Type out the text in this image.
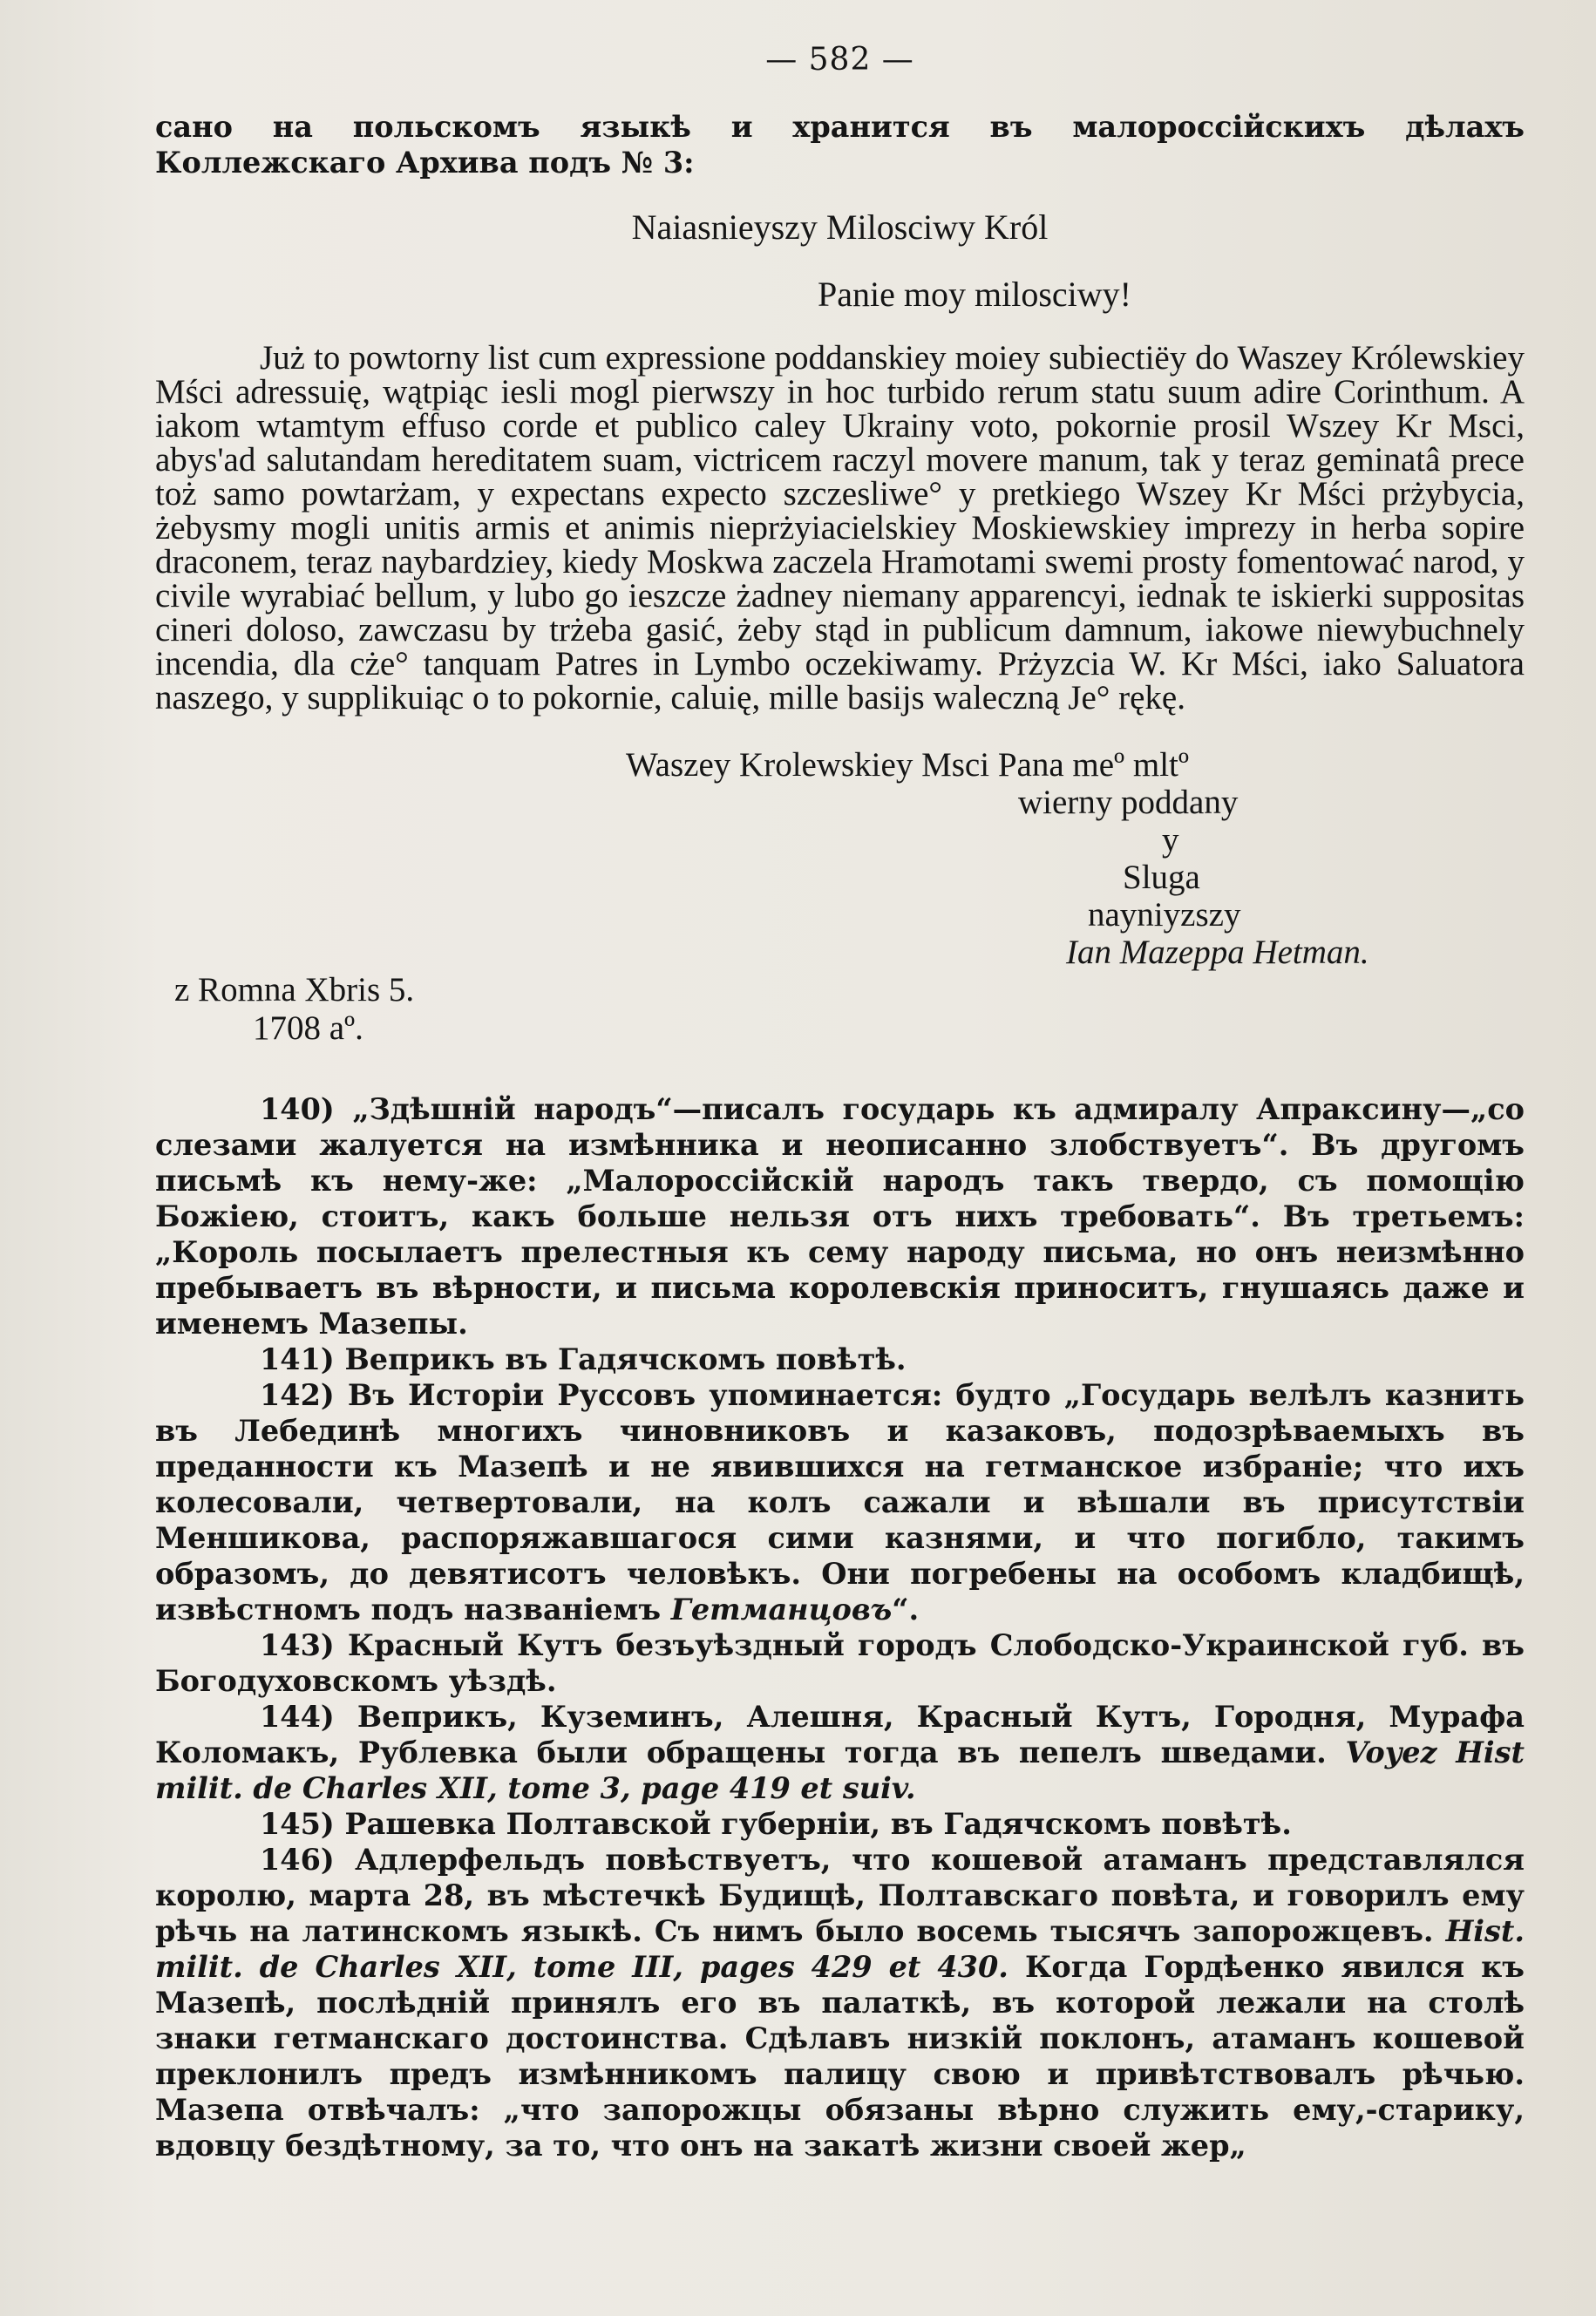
— 582 —

сано на польскомъ языкѣ и хранится въ малороссійскихъ дѣлахъ Коллежскаго Архива подъ № 3:

Naiasnieyszy Milosciwy Król
Panie moy milosciwy!

Już to powtorny list cum expressione poddanskiey moiey subiectiёy do Waszey Królewskiey Mści adressuię, wątpiąc iesli mogl pierwszy in hoc turbido rerum statu suum adire Corinthum. A iakom wtamtym effuso corde et publico caley Ukrainy voto, pokornie prosil Wszey Kr Msci, abys'ad salutandam hereditatem suam, victricem raczyl movere manum, tak y teraz geminatâ prece toż samo powtarżam, y expectans expecto szczesliwe° y pretkiego Wszey Kr Mści prżybycia, żebysmy mogli unitis armis et animis nieprżyiacielskiey Moskiewskiey imprezy in herba sopire draconem, teraz naybardziey, kiedy Moskwa zaczela Hramotami swemi prosty fomentować narod, y civile wyrabiać bellum, y lubo go ieszcze żadney niemany apparencyi, iednak te iskierki suppositas cineri doloso, zawczasu by trżeba gasić, żeby stąd in publicum damnum, iakowe niewybuchnely incendia, dla cże° tanquam Patres in Lymbo oczekiwamy. Prżyzcia W. Kr Mści, iako Saluatora naszego, y supplikuiąc o to pokornie, caluię, mille basijs waleczną Je° rękę.

Waszey Krolewskiey Msci Pana meº mltº
wierny poddany
y
Sluga
nayniyzszy
Ian Mazeppa Hetman.
z Romna Xbris 5.
1708 aº.

140) „Здѣшній народъ“—писалъ государь къ адмиралу Апраксину—„со слезами жалуется на измѣнника и неописанно злобствуетъ“. Въ другомъ письмѣ къ нему-же: „Малороссійскій народъ такъ твердо, съ помощію Божіею, стоитъ, какъ больше нельзя отъ нихъ требовать“. Въ третьемъ: „Король посылаетъ прелестныя къ сему народу письма, но онъ неизмѣнно пребываетъ въ вѣрности, и письма королевскія приноситъ, гнушаясь даже и именемъ Мазепы.

141) Веприкъ въ Гадячскомъ повѣтѣ.

142) Въ Исторіи Руссовъ упоминается: будто „Государь велѣлъ казнить въ Лебединѣ многихъ чиновниковъ и казаковъ, подозрѣваемыхъ въ преданности къ Мазепѣ и не явившихся на гетманское избраніе; что ихъ колесовали, четвертовали, на колъ сажали и вѣшали въ присутствіи Меншикова, распоряжавшагося сими казнями, и что погибло, такимъ образомъ, до девятисотъ человѣкъ. Они погребены на особомъ кладбищѣ, извѣстномъ подъ названіемъ Гетманцовъ“.

143) Красный Кутъ безъуѣздный городъ Слободско-Украинской губ. въ Богодуховскомъ уѣздѣ.

144) Веприкъ, Куземинъ, Алешня, Красный Кутъ, Городня, Мурафа Коломакъ, Рублевка были обращены тогда въ пепелъ шведами. Voyez Hist milit. de Charles XII, tome 3, page 419 et suiv.

145) Рашевка Полтавской губерніи, въ Гадячскомъ повѣтѣ.

146) Адлерфельдъ повѣствуетъ, что кошевой атаманъ представлялся королю, марта 28, въ мѣстечкѣ Будищѣ, Полтавскаго повѣта, и говорилъ ему рѣчь на латинскомъ языкѣ. Съ нимъ было восемь тысячъ запорожцевъ. Hist. milit. de Charles XII, tome III, pages 429 et 430. Когда Гордѣенко явился къ Мазепѣ, послѣдній принялъ его въ палаткѣ, въ которой лежали на столѣ знаки гетманскаго достоинства. Сдѣлавъ низкій поклонъ, атаманъ кошевой преклонилъ предъ измѣнникомъ палицу свою и привѣтствовалъ рѣчью. Мазепа отвѣчалъ: „что запорожцы обязаны вѣрно служить ему,-старику, вдовцу бездѣтному, за то, что онъ на закатѣ жизни своей жер„
